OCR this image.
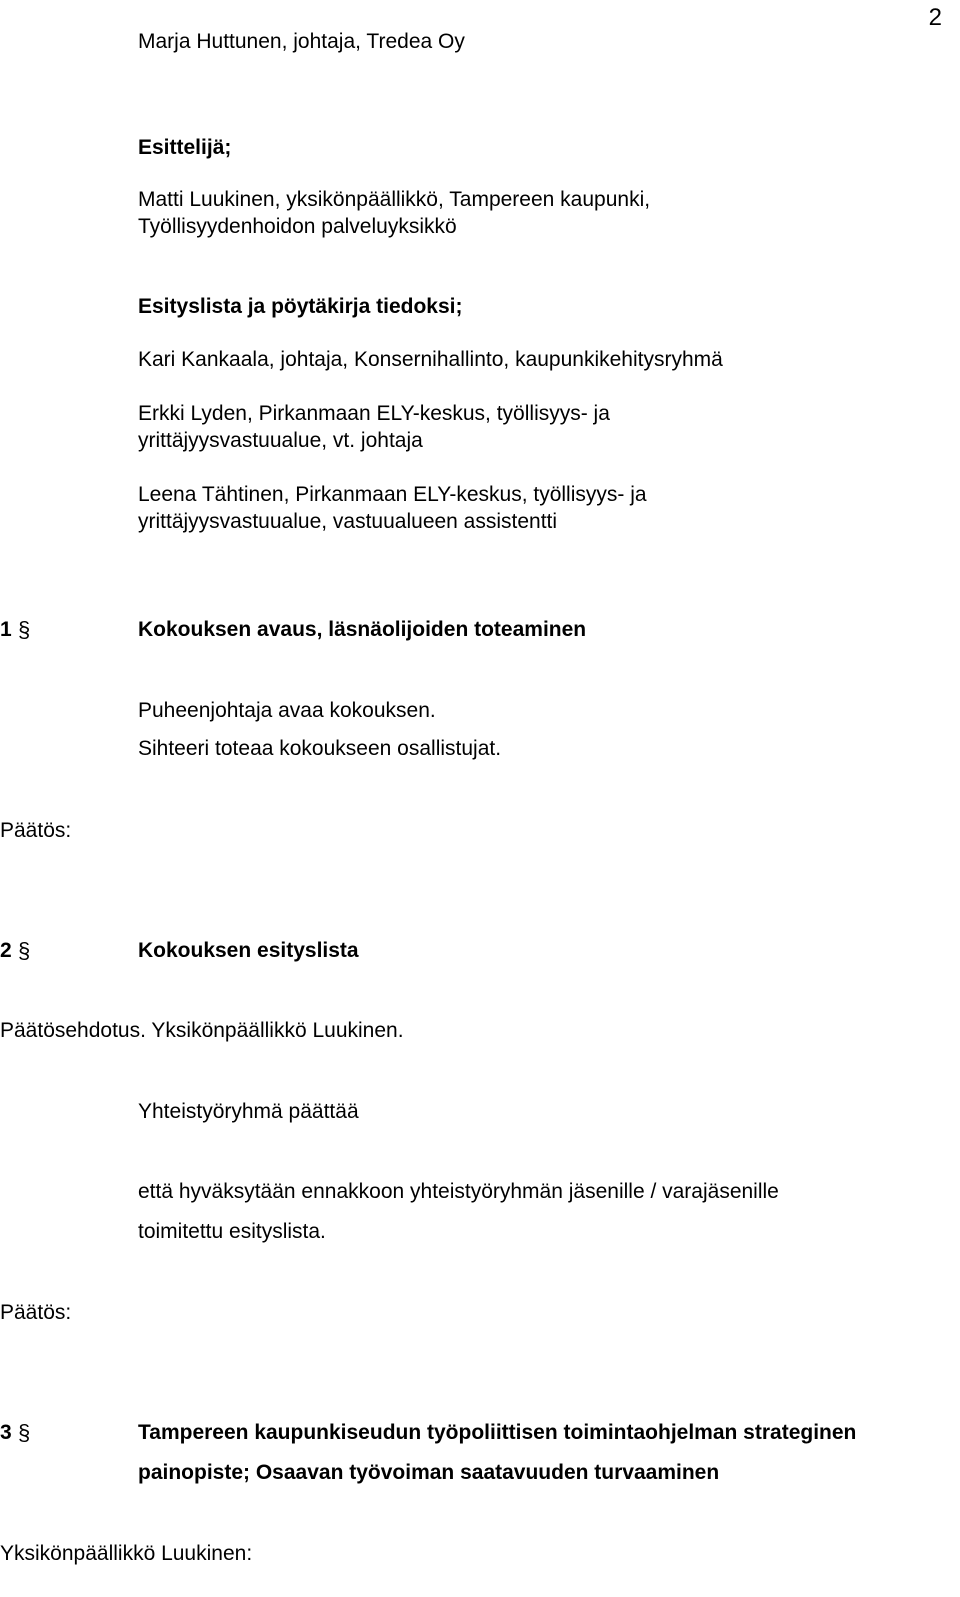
2
Marja Huttunen, johtaja, Tredea Oy
Esittelijä;
Matti Luukinen, yksikönpäällikkö, Tampereen kaupunki,
Työllisyydenhoidon palveluyksikkö
Esityslista ja pöytäkirja tiedoksi;
Kari Kankaala, johtaja, Konsernihallinto, kaupunkikehitysryhmä
Erkki Lyden, Pirkanmaan ELY-keskus, työllisyys- ja
yrittäjyysvastuualue, vt. johtaja
Leena Tähtinen, Pirkanmaan ELY-keskus, työllisyys- ja
yrittäjyysvastuualue, vastuualueen assistentti
1 §	Kokouksen avaus, läsnäolijoiden toteaminen
Puheenjohtaja avaa kokouksen.
Sihteeri toteaa kokoukseen osallistujat.
Päätös:
2 §	Kokouksen esityslista
Päätösehdotus. Yksikönpäällikkö Luukinen.
Yhteistyöryhmä päättää
että hyväksytään ennakkoon yhteistyöryhmän jäsenille / varajäsenille
toimitettu esityslista.
Päätös:
3 §	Tampereen kaupunkiseudun työpoliittisen toimintaohjelman strateginen
painopiste; Osaavan työvoiman saatavuuden turvaaminen
Yksikönpäällikkö Luukinen:
